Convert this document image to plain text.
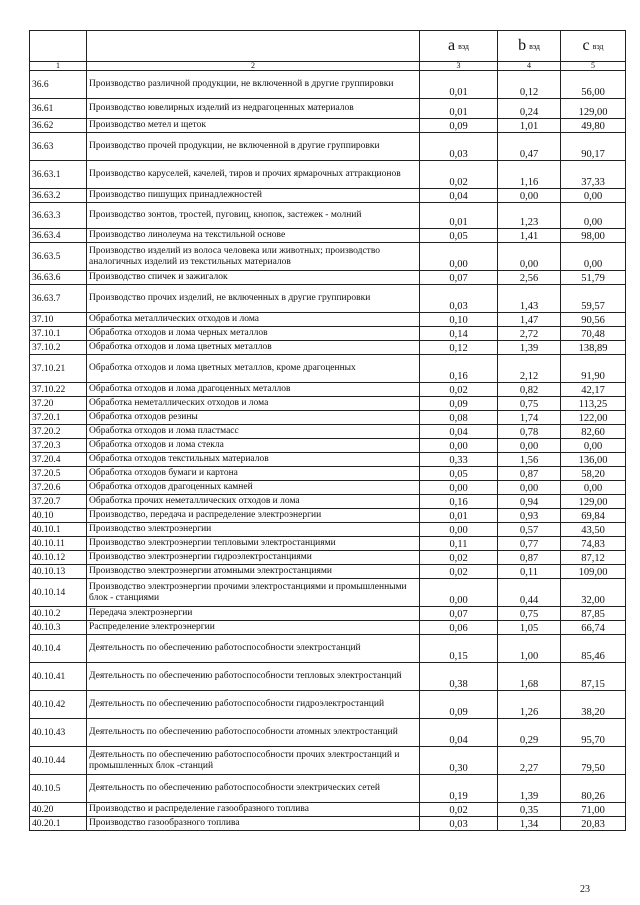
		a $_{вэд}$	b $_{вэд}$	c $_{вэд}$
1	2	3	4	5
36.6	Производство различной продукции, не включенной в другие группировки	0,01	0,12	56,00
36.61	Производство ювелирных изделий из недрагоценных материалов	0,01	0,24	129,00
36.62	Производство метел и щеток	0,09	1,01	49,80
36.63	Производство прочей продукции, не включенной в другие группировки	0,03	0,47	90,17
36.63.1	Производство каруселей, качелей, тиров и прочих ярмарочных аттракционов	0,02	1,16	37,33
36.63.2	Производство пишущих принадлежностей	0,04	0,00	0,00
36.63.3	Производство зонтов, тростей, пуговиц, кнопок, застежек - молний	0,01	1,23	0,00
36.63.4	Производство линолеума на текстильной основе	0,05	1,41	98,00
36.63.5	Производство изделий из волоса человека или животных; производство аналогичных изделий из текстильных материалов	0,00	0,00	0,00
36.63.6	Производство спичек и зажигалок	0,07	2,56	51,79
36.63.7	Производство прочих изделий, не включенных в другие группировки	0,03	1,43	59,57
37.10	Обработка металлических отходов и лома	0,10	1,47	90,56
37.10.1	Обработка отходов и лома черных металлов	0,14	2,72	70,48
37.10.2	Обработка отходов и лома цветных металлов	0,12	1,39	138,89
37.10.21	Обработка отходов и лома цветных металлов, кроме драгоценных	0,16	2,12	91,90
37.10.22	Обработка отходов и лома драгоценных металлов	0,02	0,82	42,17
37.20	Обработка неметаллических отходов и лома	0,09	0,75	113,25
37.20.1	Обработка отходов резины	0,08	1,74	122,00
37.20.2	Обработка отходов и лома пластмасс	0,04	0,78	82,60
37.20.3	Обработка отходов и лома стекла	0,00	0,00	0,00
37.20.4	Обработка отходов текстильных материалов	0,33	1,56	136,00
37.20.5	Обработка отходов бумаги и картона	0,05	0,87	58,20
37.20.6	Обработка отходов драгоценных камней	0,00	0,00	0,00
37.20.7	Обработка прочих неметаллических отходов и лома	0,16	0,94	129,00
40.10	Производство, передача и распределение электроэнергии	0,01	0,93	69,84
40.10.1	Производство электроэнергии	0,00	0,57	43,50
40.10.11	Производство электроэнергии тепловыми электростанциями	0,11	0,77	74,83
40.10.12	Производство электроэнергии гидроэлектростанциями	0,02	0,87	87,12
40.10.13	Производство электроэнергии атомными электростанциями	0,02	0,11	109,00
40.10.14	Производство электроэнергии прочими электростанциями и промышленными блок - станциями	0,00	0,44	32,00
40.10.2	Передача электроэнергии	0,07	0,75	87,85
40.10.3	Распределение электроэнергии	0,06	1,05	66,74
40.10.4	Деятельность по обеспечению работоспособности электростанций	0,15	1,00	85,46
40.10.41	Деятельность по обеспечению работоспособности тепловых электростанций	0,38	1,68	87,15
40.10.42	Деятельность по обеспечению работоспособности гидроэлектростанций	0,09	1,26	38,20
40.10.43	Деятельность по обеспечению работоспособности атомных электростанций	0,04	0,29	95,70
40.10.44	Деятельность по обеспечению работоспособности прочих электростанций и промышленных блок -станций	0,30	2,27	79,50
40.10.5	Деятельность по обеспечению работоспособности электрических сетей	0,19	1,39	80,26
40.20	Производство и распределение газообразного топлива	0,02	0,35	71,00
40.20.1	Производство газообразного топлива	0,03	1,34	20,83
23
